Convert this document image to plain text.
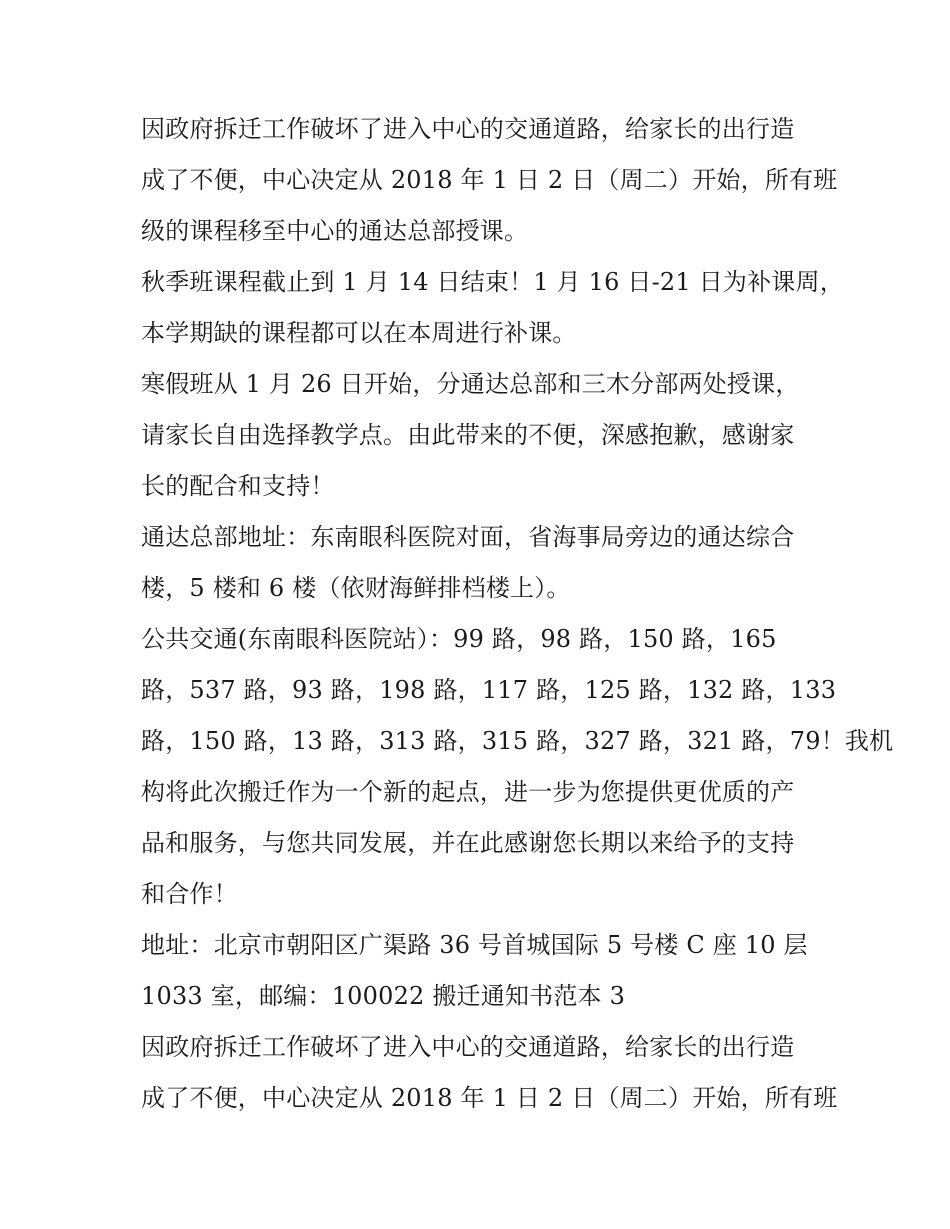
因政府拆迁工作破坏了进入中心的交通道路，给家长的出行造
成了不便，中心决定从 2018 年 1 日 2 日（周二）开始，所有班
级的课程移至中心的通达总部授课。
秋季班课程截止到 1 月 14 日结束！1 月 16 日-21 日为补课周，
本学期缺的课程都可以在本周进行补课。
寒假班从 1 月 26 日开始，分通达总部和三木分部两处授课，
请家长自由选择教学点。由此带来的不便，深感抱歉，感谢家
长的配合和支持！
通达总部地址：东南眼科医院对面，省海事局旁边的通达综合
楼，5 楼和 6 楼（依财海鲜排档楼上）。
公共交通(东南眼科医院站）：99 路，98 路，150 路，165
路，537 路，93 路，198 路，117 路，125 路，132 路，133
路，150 路，13 路，313 路，315 路，327 路，321 路，79！我机
构将此次搬迁作为一个新的起点，进一步为您提供更优质的产
品和服务，与您共同发展，并在此感谢您长期以来给予的支持
和合作！
地址：北京市朝阳区广渠路 36 号首城国际 5 号楼 C 座 10 层
1033 室，邮编：100022 搬迁通知书范本 3
因政府拆迁工作破坏了进入中心的交通道路，给家长的出行造
成了不便，中心决定从 2018 年 1 日 2 日（周二）开始，所有班
